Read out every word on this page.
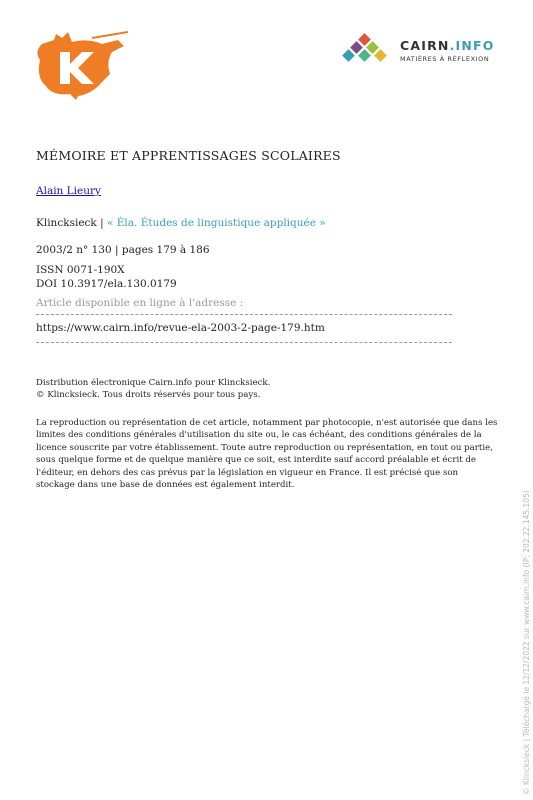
CAIRN.INFO
MATIÈRES À RÉFLEXION
MÉMOIRE ET APPRENTISSAGES SCOLAIRES
Alain Lieury
Klincksieck | « Éla. Études de linguistique appliquée »
2003/2 n° 130 | pages 179 à 186
ISSN 0071-190X
DOI 10.3917/ela.130.0179
Article disponible en ligne à l'adresse :
https://www.cairn.info/revue-ela-2003-2-page-179.htm
Distribution électronique Cairn.info pour Klincksieck.
© Klincksieck. Tous droits réservés pour tous pays.
La reproduction ou représentation de cet article, notamment par photocopie, n'est autorisée que dans les limites des conditions générales d'utilisation du site ou, le cas échéant, des conditions générales de la licence souscrite par votre établissement. Toute autre reproduction ou représentation, en tout ou partie, sous quelque forme et de quelque manière que ce soit, est interdite sauf accord préalable et écrit de l'éditeur, en dehors des cas prévus par la législation en vigueur en France. Il est précisé que son stockage dans une base de données est également interdit.
© Klincksieck | Téléchargé le 12/12/2022 sur www.cairn.info (IP: 202.22.145.105)
